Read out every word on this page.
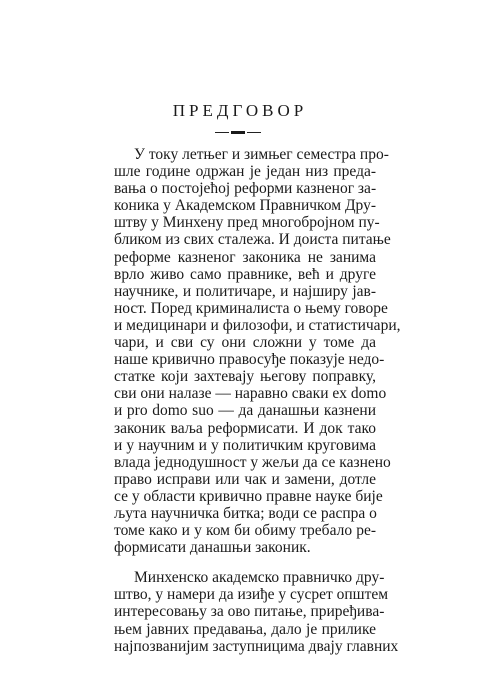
ПРЕДГОВОР
У току летњег и зимњег семестра про-
шле године одржан је један низ преда-
вања о постојећој реформи казненог за-
коника у Академском Правничком Дру-
штву у Минхену пред многобројном пу-
бликом из свих сталежа. И доиста питање
реформе казненог законика не занима
врло живо само правнике, већ и друге
научнике, и политичаре, и најширу јав-
ност. Поред криминалиста о њему говоре
и медицинари и филозофи, и статистичари,
чари, и сви су они сложни у томе да
наше кривично правосуђе показује недо-
статке који захтевају његову поправку,
сви они налазе — наравно сваки ex domo
и pro domo suo — да данашњи казнени
законик ваља реформисати. И док тако
и у научним и у политичким круговима
влада једнодушност у жељи да се казнено
право исправи или чак и замени, дотле
се у области кривично правне науке бије
љута научничка битка; води се распра о
томе како и у ком би обиму требало ре-
формисати данашњи законик.
Минхенско академско правничко дру-
штво, у намери да изиђе у сусрет општем
интересовању за ово питање, приређива-
њем јавних предавања, дало је прилике
најпозванијим заступницима двају главних
